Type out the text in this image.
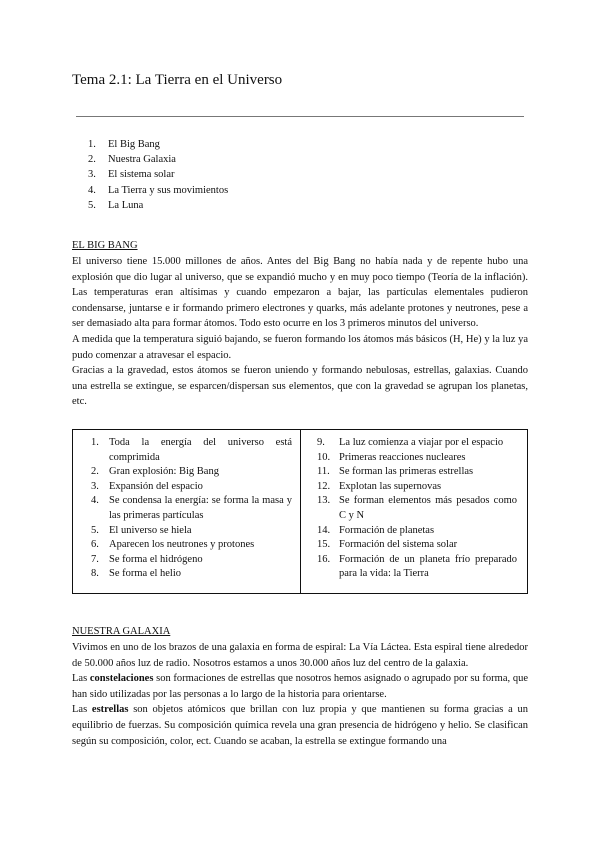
Tema 2.1: La Tierra en el Universo
1.	El Big Bang
2.	Nuestra Galaxia
3.	El sistema solar
4.	La Tierra y sus movimientos
5.	La Luna
EL BIG BANG

El universo tiene 15.000 millones de años. Antes del Big Bang no había nada y de repente hubo una explosión que dio lugar al universo, que se expandió mucho y en muy poco tiempo (Teoría de la inflación). Las temperaturas eran altísimas y cuando empezaron a bajar, las partículas elementales pudieron condensarse, juntarse e ir formando primero electrones y quarks, más adelante protones y neutrones, pese a ser demasiado alta para formar átomos. Todo esto ocurre en los 3 primeros minutos del universo.

A medida que la temperatura siguió bajando, se fueron formando los átomos más básicos (H, He) y la luz ya pudo comenzar a atravesar el espacio.

Gracias a la gravedad, estos átomos se fueron uniendo y formando nebulosas, estrellas, galaxias. Cuando una estrella se extingue, se esparcen/dispersan sus elementos, que con la gravedad se agrupan los planetas, etc.

1. Toda la energía del universo está comprimida
2. Gran explosión: Big Bang
3. Expansión del espacio
4. Se condensa la energía: se forma la masa y las primeras partículas
5. El universo se hiela
6. Aparecen los neutrones y protones
7. Se forma el hidrógeno
8. Se forma el helio
9.	La luz comienza a viajar por el espacio
10. Primeras reacciones nucleares
11. Se forman las primeras estrellas
12. Explotan las supernovas
13. Se forman elementos más pesados como C y N
14. Formación de planetas
15. Formación del sistema solar
16. Formación de un planeta frío preparado para la vida: la Tierra
NUESTRA GALAXIA

Vivimos en uno de los brazos de una galaxia en forma de espiral: La Vía Láctea. Esta espiral tiene alrededor de 50.000 años luz de radio. Nosotros estamos a unos 30.000 años luz del centro de la galaxia.

Las constelaciones son formaciones de estrellas que nosotros hemos asignado o agrupado por su forma, que han sido utilizadas por las personas a lo largo de la historia para orientarse.

Las estrellas son objetos atómicos que brillan con luz propia y que mantienen su forma gracias a un equilibrio de fuerzas. Su composición química revela una gran presencia de hidrógeno y helio. Se clasifican según su composición, color, ect. Cuando se acaban, la estrella se extingue formando una
